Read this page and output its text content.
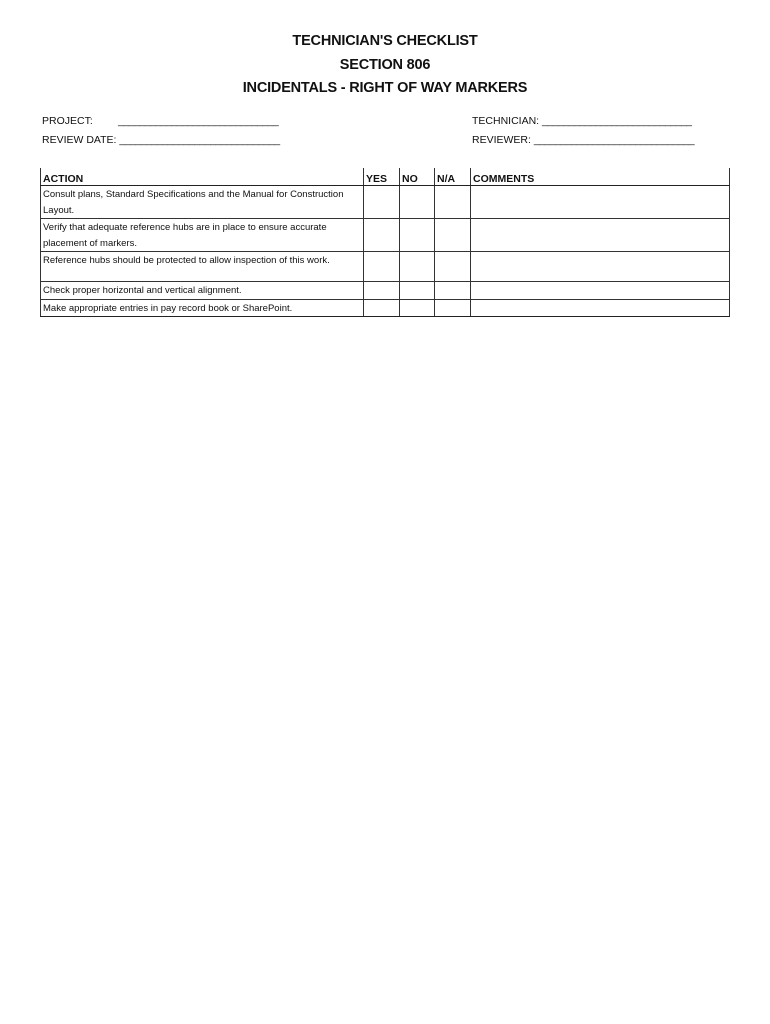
TECHNICIAN'S CHECKLIST
SECTION 806
INCIDENTALS - RIGHT OF WAY MARKERS
PROJECT: ______________________________
REVIEW DATE: ______________________________
TECHNICIAN: ____________________________
REVIEWER: ______________________________
ACTION	YES	NO	N/A	COMMENTS
Consult plans, Standard Specifications and the Manual for Construction Layout.				
Verify that adequate reference hubs are in place to ensure accurate placement of markers.				
Reference hubs should be protected to allow inspection of this work.				
Check proper horizontal and vertical alignment.				
Make appropriate entries in pay record book or SharePoint.				
